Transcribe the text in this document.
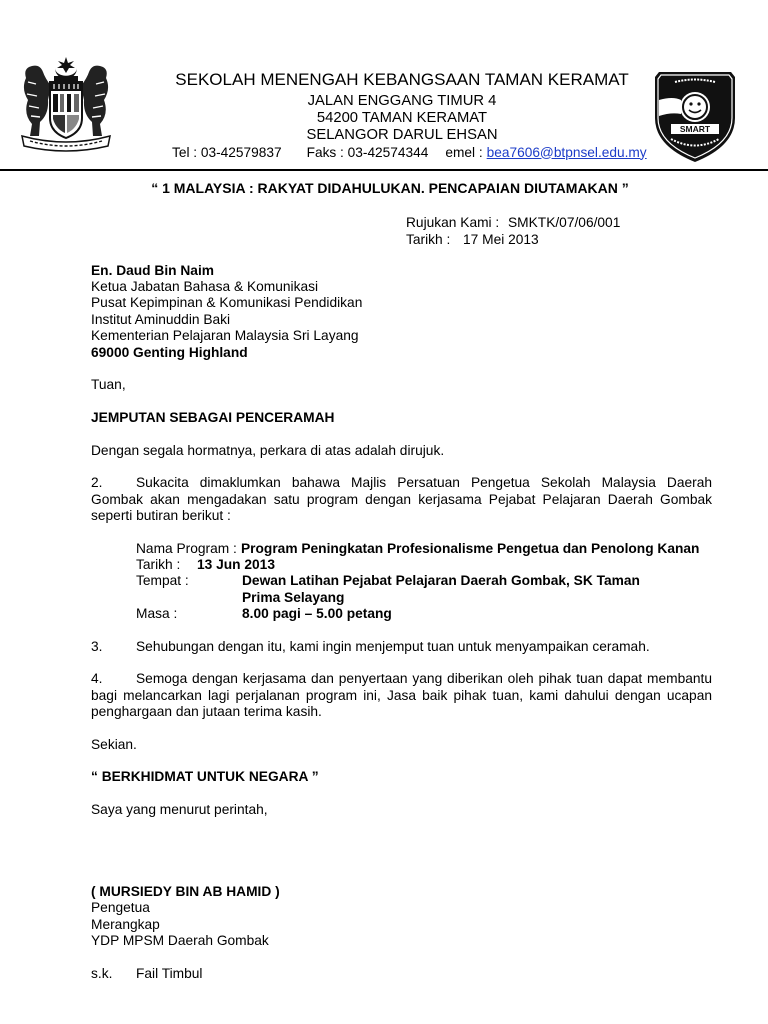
SEKOLAH MENENGAH KEBANGSAAN TAMAN KERAMAT
JALAN ENGGANG TIMUR 4
54200 TAMAN KERAMAT
SELANGOR DARUL EHSAN
Tel : 03-42579837 Faks : 03-42574344 emel : bea7606@btpnsel.edu.my
SMART
“ 1 MALAYSIA : RAKYAT DIDAHULUKAN. PENCAPAIAN DIUTAMAKAN ”
Rujukan Kami : SMKTK/07/06/001
Tarikh : 17 Mei 2013
En. Daud Bin Naim
Ketua Jabatan Bahasa & Komunikasi
Pusat Kepimpinan & Komunikasi Pendidikan
Institut Aminuddin Baki
Kementerian Pelajaran Malaysia Sri Layang
69000 Genting Highland
Tuan,
JEMPUTAN SEBAGAI PENCERAMAH
Dengan segala hormatnya, perkara di atas adalah dirujuk.
2.	Sukacita dimaklumkan bahawa Majlis Persatuan Pengetua Sekolah Malaysia Daerah
Gombak akan mengadakan satu program dengan kerjasama Pejabat Pelajaran Daerah Gombak
seperti butiran berikut :
Nama Program : Program Peningkatan Profesionalisme Pengetua dan Penolong Kanan
Tarikh : 13 Jun 2013
Tempat :	Dewan Latihan Pejabat Pelajaran Daerah Gombak, SK Taman
Prima Selayang
Masa :	8.00 pagi – 5.00 petang
3.	Sehubungan dengan itu, kami ingin menjemput tuan untuk menyampaikan ceramah.
4.	Semoga dengan kerjasama dan penyertaan yang diberikan oleh pihak tuan dapat membantu
bagi melancarkan lagi perjalanan program ini, Jasa baik pihak tuan, kami dahului dengan ucapan
penghargaan dan jutaan terima kasih.
Sekian.
“ BERKHIDMAT UNTUK NEGARA ”
Saya yang menurut perintah,
( MURSIEDY BIN AB HAMID )
Pengetua
Merangkap
YDP MPSM Daerah Gombak
s.k.	Fail Timbul
